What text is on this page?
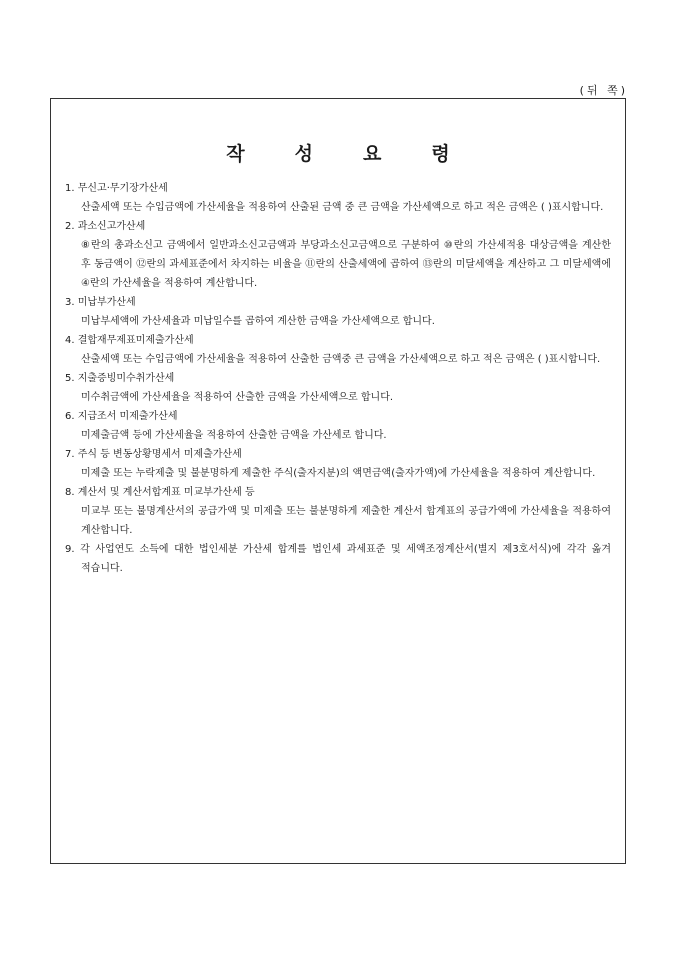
(뒤 쪽)
작	성	요	령
1. 무신고·무기장가산세
산출세액 또는 수입금액에 가산세율을 적용하여 산출된 금액 중 큰 금액을 가산세액으로 하고 적은 금액은 ( )표시합니다.
2. 과소신고가산세
⑧란의 총과소신고 금액에서 일반과소신고금액과 부당과소신고금액으로 구분하여 ⑩란의 가산세적용 대상금액을 계산한 후 동금액이 ⑫란의 과세표준에서 차지하는 비율을 ⑪란의 산출세액에 곱하여 ⑬란의 미달세액을 계산하고 그 미달세액에 ④란의 가산세율을 적용하여 계산합니다.
3. 미납부가산세
미납부세액에 가산세율과 미납일수를 곱하여 계산한 금액을 가산세액으로 합니다.
4. 결합재무제표미제출가산세
산출세액 또는 수입금액에 가산세율을 적용하여 산출한 금액중 큰 금액을 가산세액으로 하고 적은 금액은 ( )표시합니다.
5. 지출증빙미수취가산세
미수취금액에 가산세율을 적용하여 산출한 금액을 가산세액으로 합니다.
6. 지급조서 미제출가산세
미제출금액 등에 가산세율을 적용하여 산출한 금액을 가산세로 합니다.
7. 주식 등 변동상황명세서 미제출가산세
미제출 또는 누락제출 및 불분명하게 제출한 주식(출자지분)의 액면금액(출자가액)에 가산세율을 적용하여 계산합니다.
8. 계산서 및 계산서합계표 미교부가산세 등
미교부 또는 불명계산서의 공급가액 및 미제출 또는 불분명하게 제출한 계산서 합계표의 공급가액에 가산세율을 적용하여 계산합니다.
9. 각 사업연도 소득에 대한 법인세분 가산세 합계를 법인세 과세표준 및 세액조정계산서(별지 제3호서식)에 각각 옮겨 적습니다.
